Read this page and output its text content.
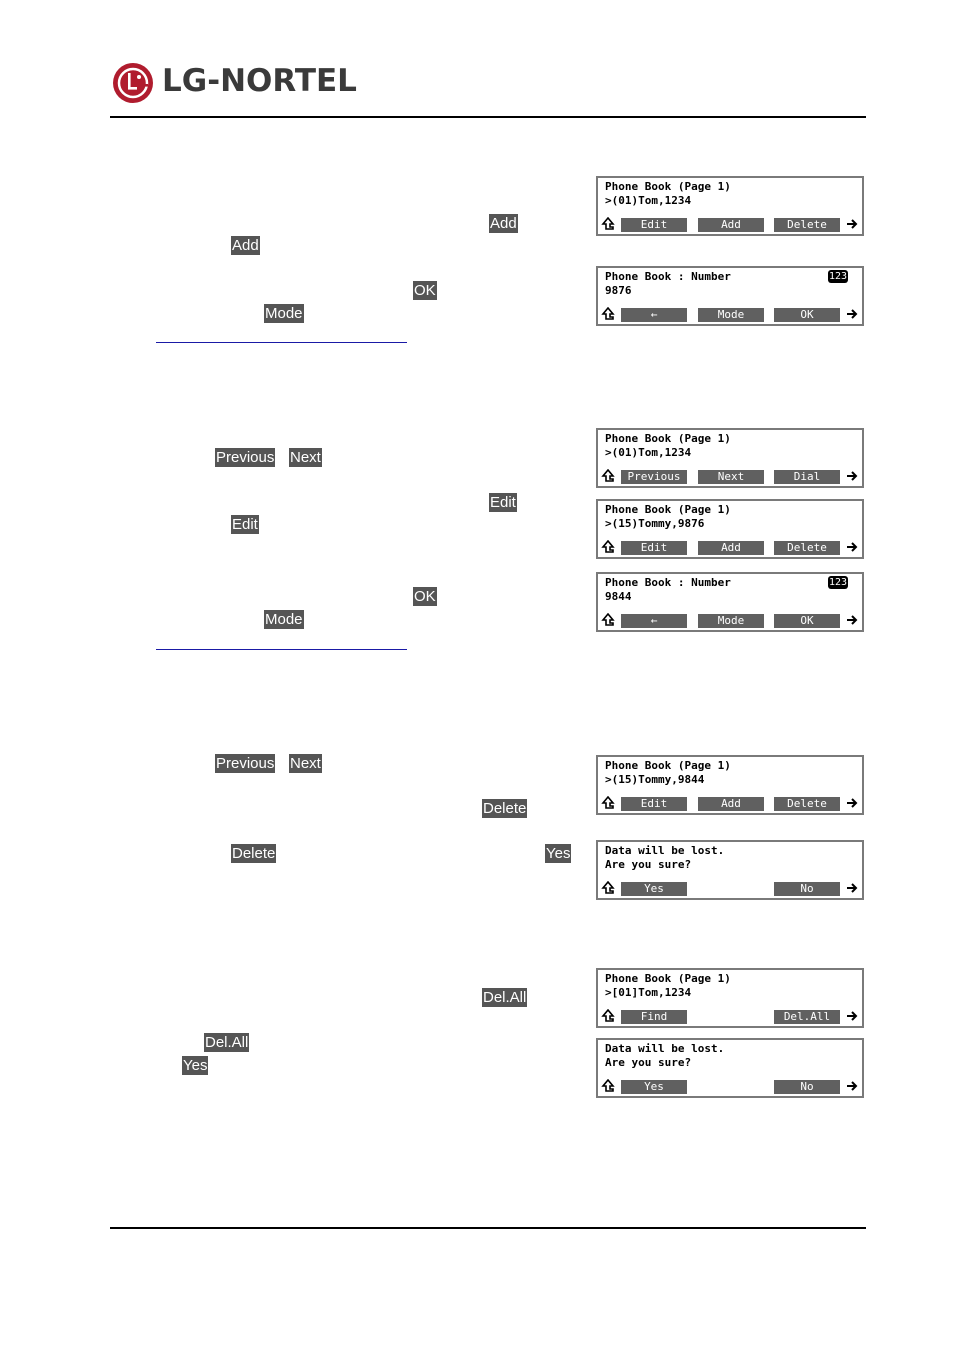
LG-NORTEL
Add
Add
OK
Mode
Previous Next
Edit
Edit
OK
Mode
Previous Next
Delete
Delete	Yes
Del.All
Del.All
Yes
Phone Book (Page 1)
>(01)Tom,1234
Edit	Add	Delete
Phone Book : Number
9876
123
←	Mode	OK
Phone Book (Page 1)
>(01)Tom,1234
Previous	Next	Dial
Phone Book (Page 1)
>(15)Tommy,9876
Edit	Add	Delete
Phone Book : Number
9844
123
←	Mode	OK
Phone Book (Page 1)
>(15)Tommy,9844
Edit	Add	Delete
Data will be lost.
Are you sure?
Yes	No
Phone Book (Page 1)
>[01]Tom,1234
Find	Del.All
Data will be lost.
Are you sure?
Yes	No
